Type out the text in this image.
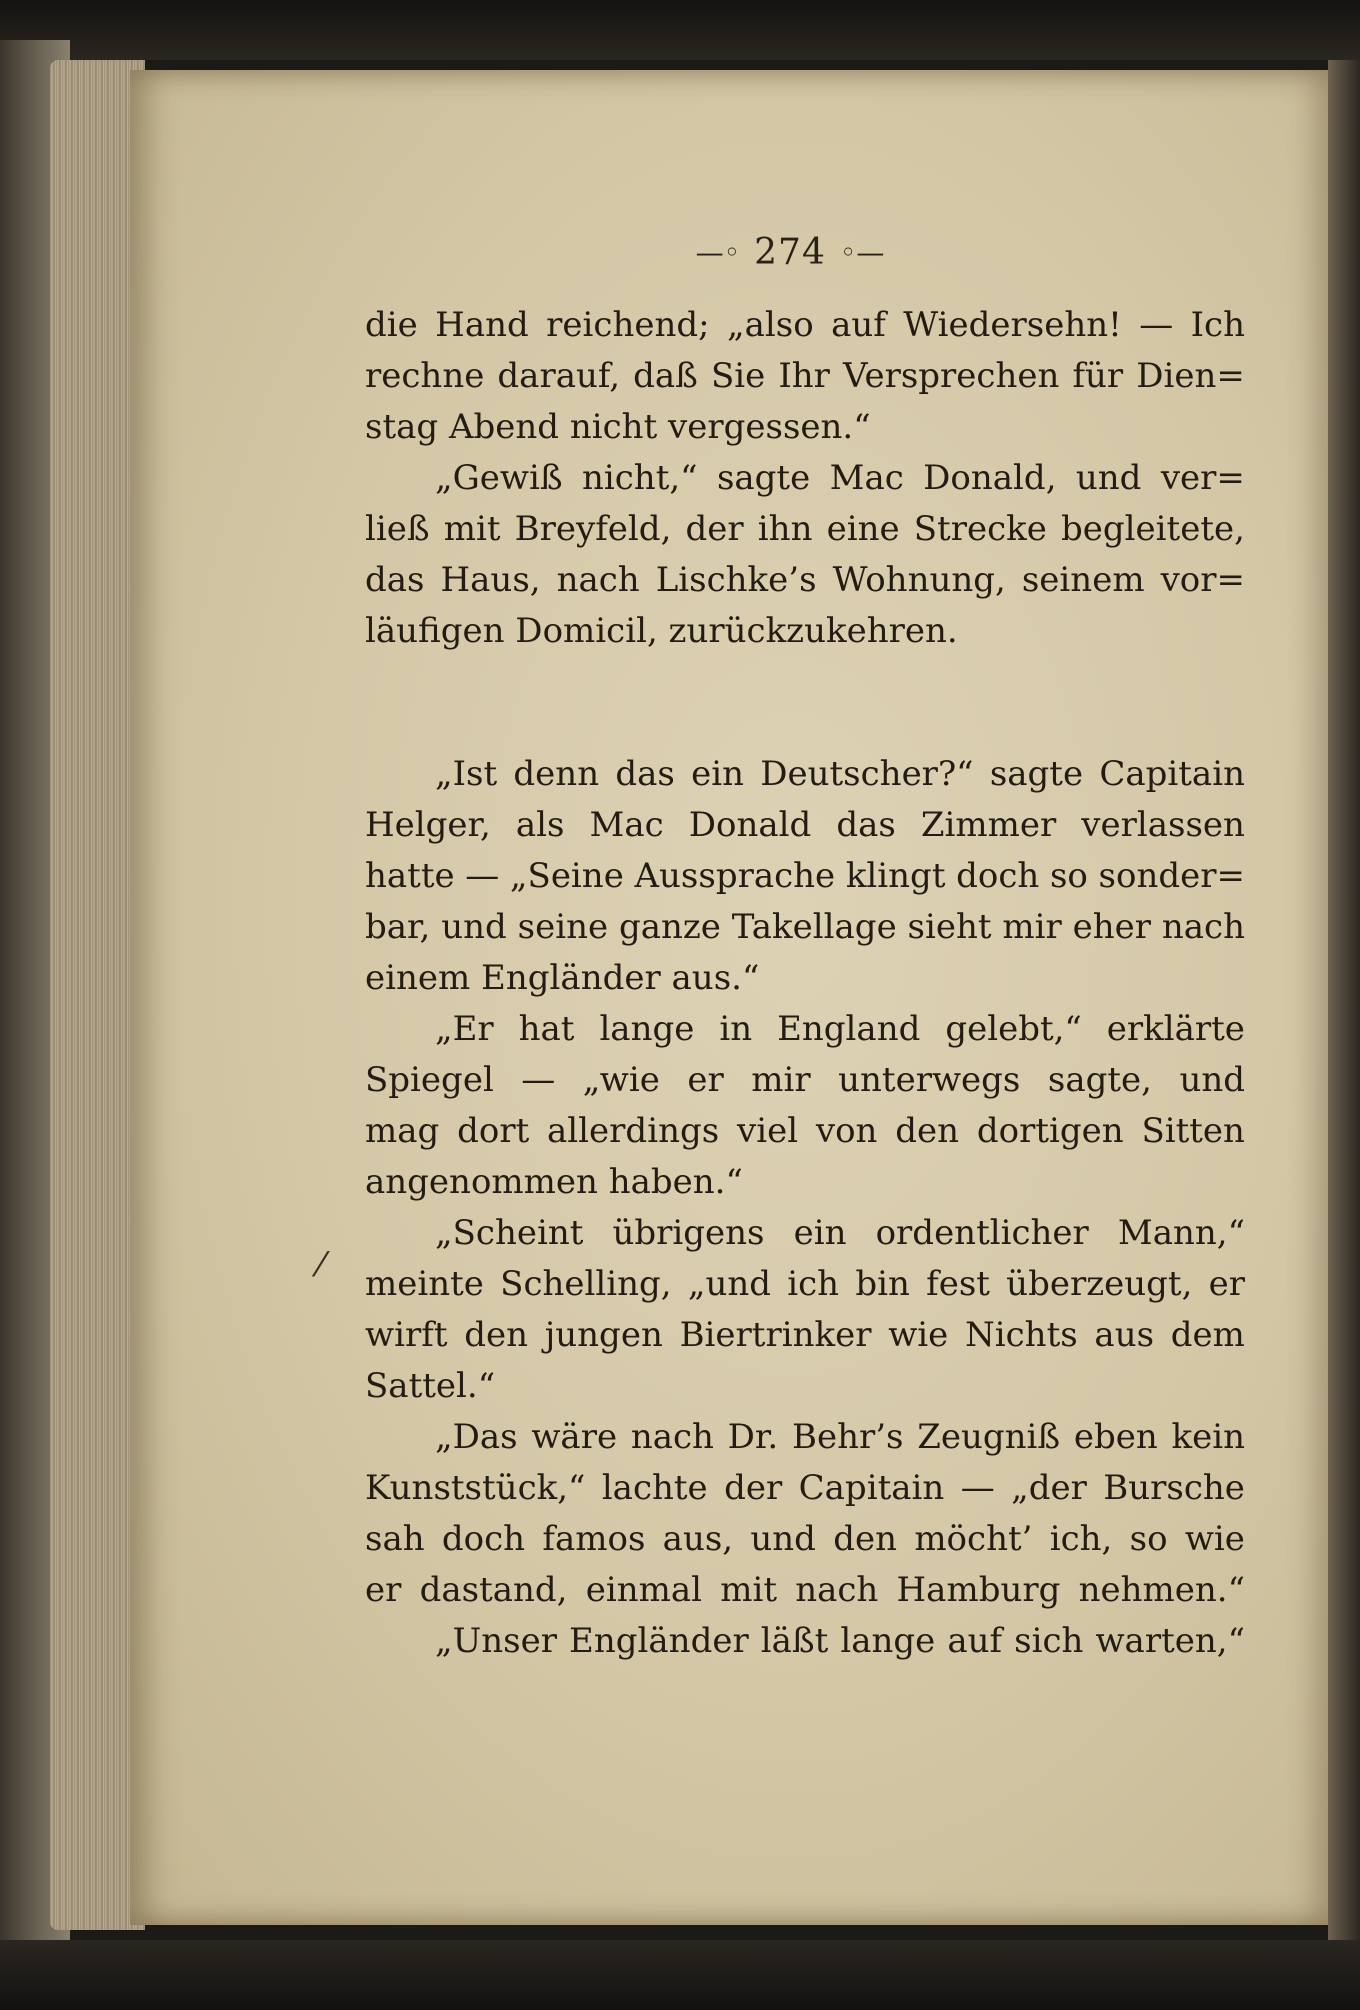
—◦ 274 ◦—
⁄
die Hand reichend; „also auf Wiedersehn! — Ich
rechne darauf, daß Sie Ihr Versprechen für Dien=
stag Abend nicht vergessen.“
„Gewiß nicht,“ sagte Mac Donald, und ver=
ließ mit Breyfeld, der ihn eine Strecke begleitete,
das Haus, nach Lischke’s Wohnung, seinem vor=
läufigen Domicil, zurückzukehren.
„Ist denn das ein Deutscher?“ sagte Capitain
Helger, als Mac Donald das Zimmer verlassen
hatte — „Seine Aussprache klingt doch so sonder=
bar, und seine ganze Takellage sieht mir eher nach
einem Engländer aus.“
„Er hat lange in England gelebt,“ erklärte
Spiegel — „wie er mir unterwegs sagte, und
mag dort allerdings viel von den dortigen Sitten
angenommen haben.“
„Scheint übrigens ein ordentlicher Mann,“
meinte Schelling, „und ich bin fest überzeugt, er
wirft den jungen Biertrinker wie Nichts aus dem
Sattel.“
„Das wäre nach Dr. Behr’s Zeugniß eben kein
Kunststück,“ lachte der Capitain — „der Bursche
sah doch famos aus, und den möcht’ ich, so wie
er dastand, einmal mit nach Hamburg nehmen.“
„Unser Engländer läßt lange auf sich warten,“
